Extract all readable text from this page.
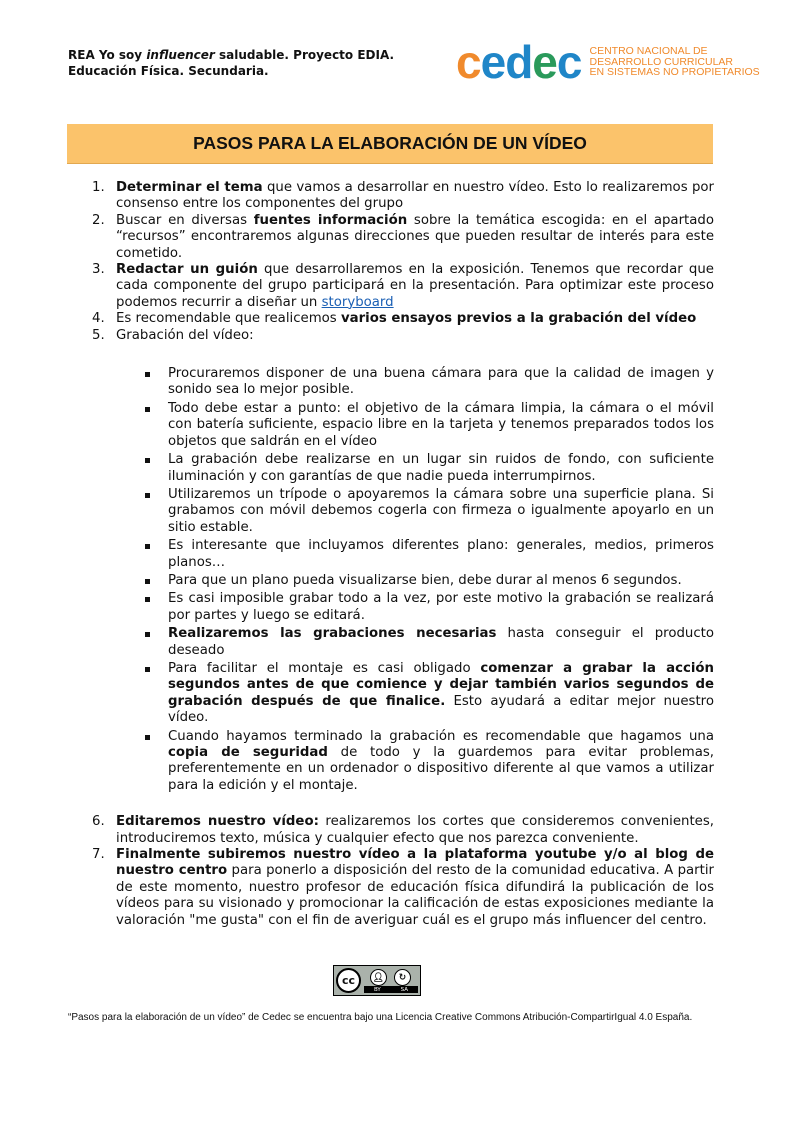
REA Yo soy influencer saludable. Proyecto EDIA.
Educación Física. Secundaria.	cedec CENTRO NACIONAL DE
DESARROLLO CURRICULAR
EN SISTEMAS NO PROPIETARIOS
PASOS PARA LA ELABORACIÓN DE UN VÍDEO
1. Determinar el tema que vamos a desarrollar en nuestro vídeo. Esto lo realizaremos por consenso entre los componentes del grupo
2. Buscar en diversas fuentes información sobre la temática escogida: en el apartado “recursos” encontraremos algunas direcciones que pueden resultar de interés para este cometido.
3. Redactar un guión que desarrollaremos en la exposición. Tenemos que recordar que cada componente del grupo participará en la presentación. Para optimizar este proceso podemos recurrir a diseñar un storyboard
4. Es recomendable que realicemos varios ensayos previos a la grabación del vídeo
5. Grabación del vídeo:
Procuraremos disponer de una buena cámara para que la calidad de imagen y sonido sea lo mejor posible.
Todo debe estar a punto: el objetivo de la cámara limpia, la cámara o el móvil con batería suficiente, espacio libre en la tarjeta y tenemos preparados todos los objetos que saldrán en el vídeo
La grabación debe realizarse en un lugar sin ruidos de fondo, con suficiente iluminación y con garantías de que nadie pueda interrumpirnos.
Utilizaremos un trípode o apoyaremos la cámara sobre una superficie plana. Si grabamos con móvil debemos cogerla con firmeza o igualmente apoyarlo en un sitio estable.
Es interesante que incluyamos diferentes plano: generales, medios, primeros planos…
Para que un plano pueda visualizarse bien, debe durar al menos 6 segundos.
Es casi imposible grabar todo a la vez, por este motivo la grabación se realizará por partes y luego se editará.
Realizaremos las grabaciones necesarias hasta conseguir el producto deseado
Para facilitar el montaje es casi obligado comenzar a grabar la acción segundos antes de que comience y dejar también varios segundos de grabación después de que finalice. Esto ayudará a editar mejor nuestro vídeo.
Cuando hayamos terminado la grabación es recomendable que hagamos una copia de seguridad de todo y la guardemos para evitar problemas, preferentemente en un ordenador o dispositivo diferente al que vamos a utilizar para la edición y el montaje.
6. Editaremos nuestro vídeo: realizaremos los cortes que consideremos convenientes, introduciremos texto, música y cualquier efecto que nos parezca conveniente.
7. Finalmente subiremos nuestro vídeo a la plataforma youtube y/o al blog de nuestro centro para ponerlo a disposición del resto de la comunidad educativa. A partir de este momento, nuestro profesor de educación física difundirá la publicación de los vídeos para su visionado y promocionar la calificación de estas exposiciones mediante la valoración "me gusta" con el fin de averiguar cuál es el grupo más influencer del centro.
cc	👤︎	↻
BY	SA
“Pasos para la elaboración de un vídeo” de Cedec se encuentra bajo una Licencia Creative Commons Atribución-CompartirIgual 4.0 España.
